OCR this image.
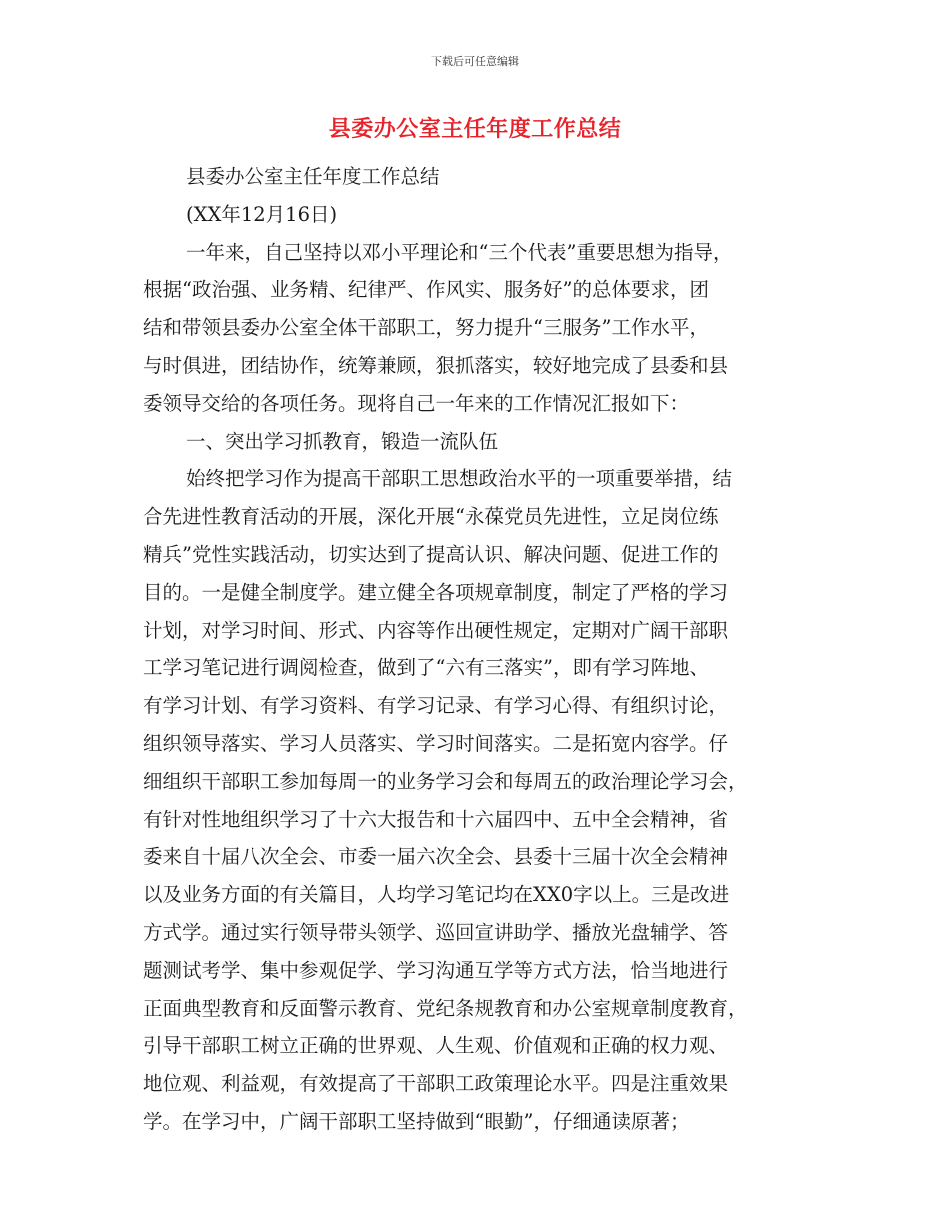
下载后可任意编辑
县委办公室主任年度工作总结
县委办公室主任年度工作总结
(XX年12月16日)
一年来，自己坚持以邓小平理论和“三个代表”重要思想为指导，
根据“政治强、业务精、纪律严、作风实、服务好”的总体要求，团
结和带领县委办公室全体干部职工，努力提升“三服务”工作水平，
与时俱进，团结协作，统筹兼顾，狠抓落实，较好地完成了县委和县
委领导交给的各项任务。现将自己一年来的工作情况汇报如下：
一、突出学习抓教育，锻造一流队伍
始终把学习作为提高干部职工思想政治水平的一项重要举措，结
合先进性教育活动的开展，深化开展“永葆党员先进性，立足岗位练
精兵”党性实践活动，切实达到了提高认识、解决问题、促进工作的
目的。一是健全制度学。建立健全各项规章制度，制定了严格的学习
计划，对学习时间、形式、内容等作出硬性规定，定期对广阔干部职
工学习笔记进行调阅检查，做到了“六有三落实”，即有学习阵地、
有学习计划、有学习资料、有学习记录、有学习心得、有组织讨论，
组织领导落实、学习人员落实、学习时间落实。二是拓宽内容学。仔
细组织干部职工参加每周一的业务学习会和每周五的政治理论学习会，
有针对性地组织学习了十六大报告和十六届四中、五中全会精神，省
委来自十届八次全会、市委一届六次全会、县委十三届十次全会精神
以及业务方面的有关篇目，人均学习笔记均在XX0字以上。三是改进
方式学。通过实行领导带头领学、巡回宣讲助学、播放光盘辅学、答
题测试考学、集中参观促学、学习沟通互学等方式方法，恰当地进行
正面典型教育和反面警示教育、党纪条规教育和办公室规章制度教育，
引导干部职工树立正确的世界观、人生观、价值观和正确的权力观、
地位观、利益观，有效提高了干部职工政策理论水平。四是注重效果
学。在学习中，广阔干部职工坚持做到“眼勤”，仔细通读原著；
